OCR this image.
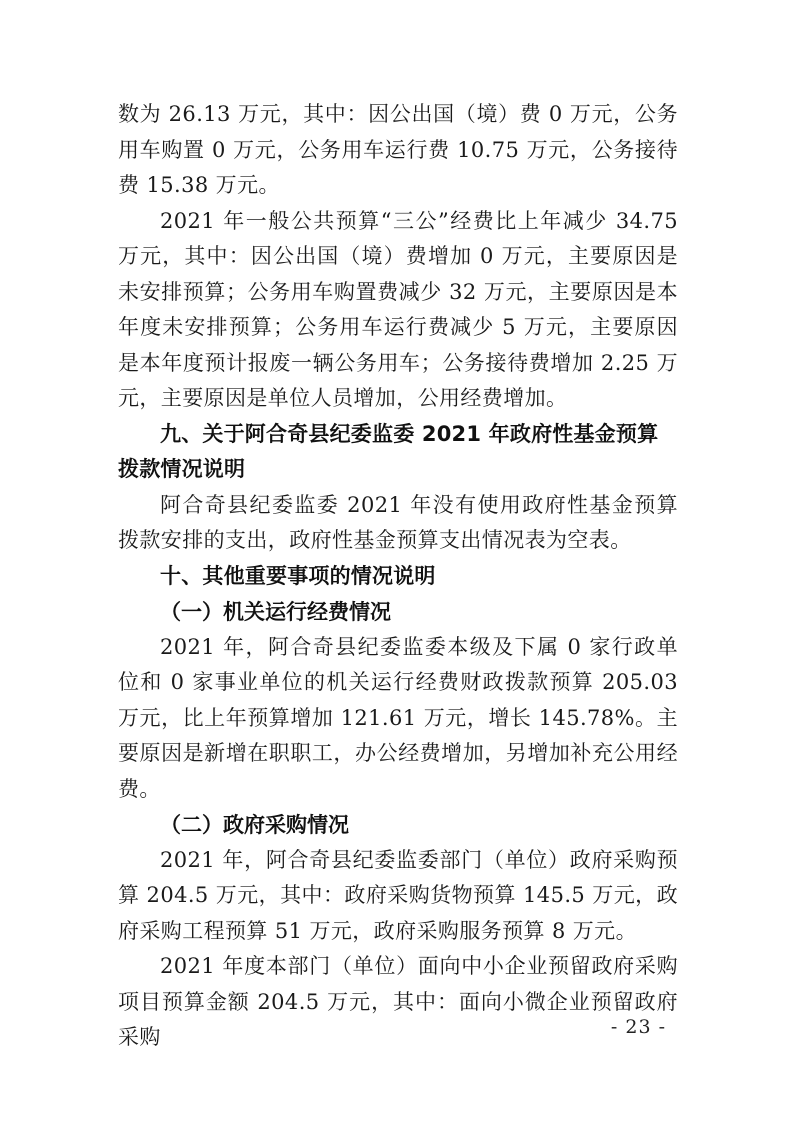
数为 26.13 万元，其中：因公出国（境）费 0 万元，公务用车购置 0 万元，公务用车运行费 10.75 万元，公务接待费 15.38 万元。

2021 年一般公共预算“三公”经费比上年减少 34.75 万元，其中：因公出国（境）费增加 0 万元，主要原因是未安排预算；公务用车购置费减少 32 万元，主要原因是本年度未安排预算；公务用车运行费减少 5 万元，主要原因是本年度预计报废一辆公务用车；公务接待费增加 2.25 万元，主要原因是单位人员增加，公用经费增加。

九、关于阿合奇县纪委监委 2021 年政府性基金预算拨款情况说明

阿合奇县纪委监委 2021 年没有使用政府性基金预算拨款安排的支出，政府性基金预算支出情况表为空表。

十、其他重要事项的情况说明

（一）机关运行经费情况

2021 年，阿合奇县纪委监委本级及下属 0 家行政单位和 0 家事业单位的机关运行经费财政拨款预算 205.03 万元，比上年预算增加 121.61 万元，增长 145.78%。主要原因是新增在职职工，办公经费增加，另增加补充公用经费。

（二）政府采购情况

2021 年，阿合奇县纪委监委部门（单位）政府采购预算 204.5 万元，其中：政府采购货物预算 145.5 万元，政府采购工程预算 51 万元，政府采购服务预算 8 万元。

2021 年度本部门（单位）面向中小企业预留政府采购项目预算金额 204.5 万元，其中：面向小微企业预留政府采购	- 23 -
